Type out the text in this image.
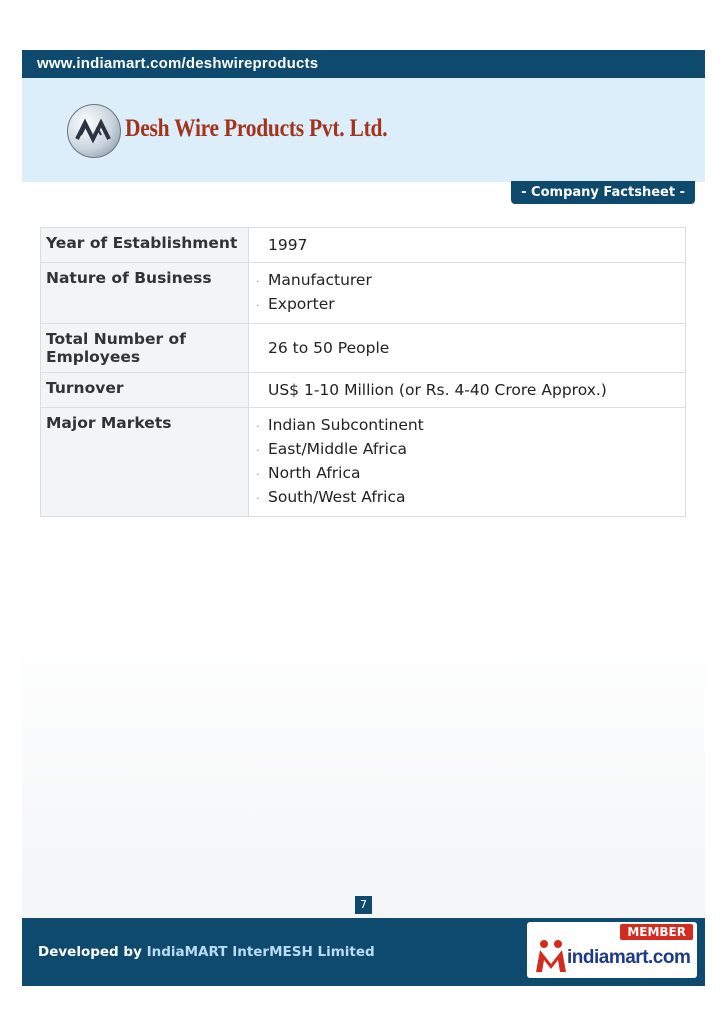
www.indiamart.com/deshwireproducts
Desh Wire Products Pvt. Ltd.
- Company Factsheet -
Year of Establishment	1997

Nature of Business	· Manufacturer
· Exporter

Total Number of Employees	26 to 50 People

Turnover	US$ 1-10 Million (or Rs. 4-40 Crore Approx.)

Major Markets	· Indian Subcontinent
· East/Middle Africa
· North Africa
· South/West Africa
7
Developed by IndiaMART InterMESH Limited
MEMBER
indiamart.com
